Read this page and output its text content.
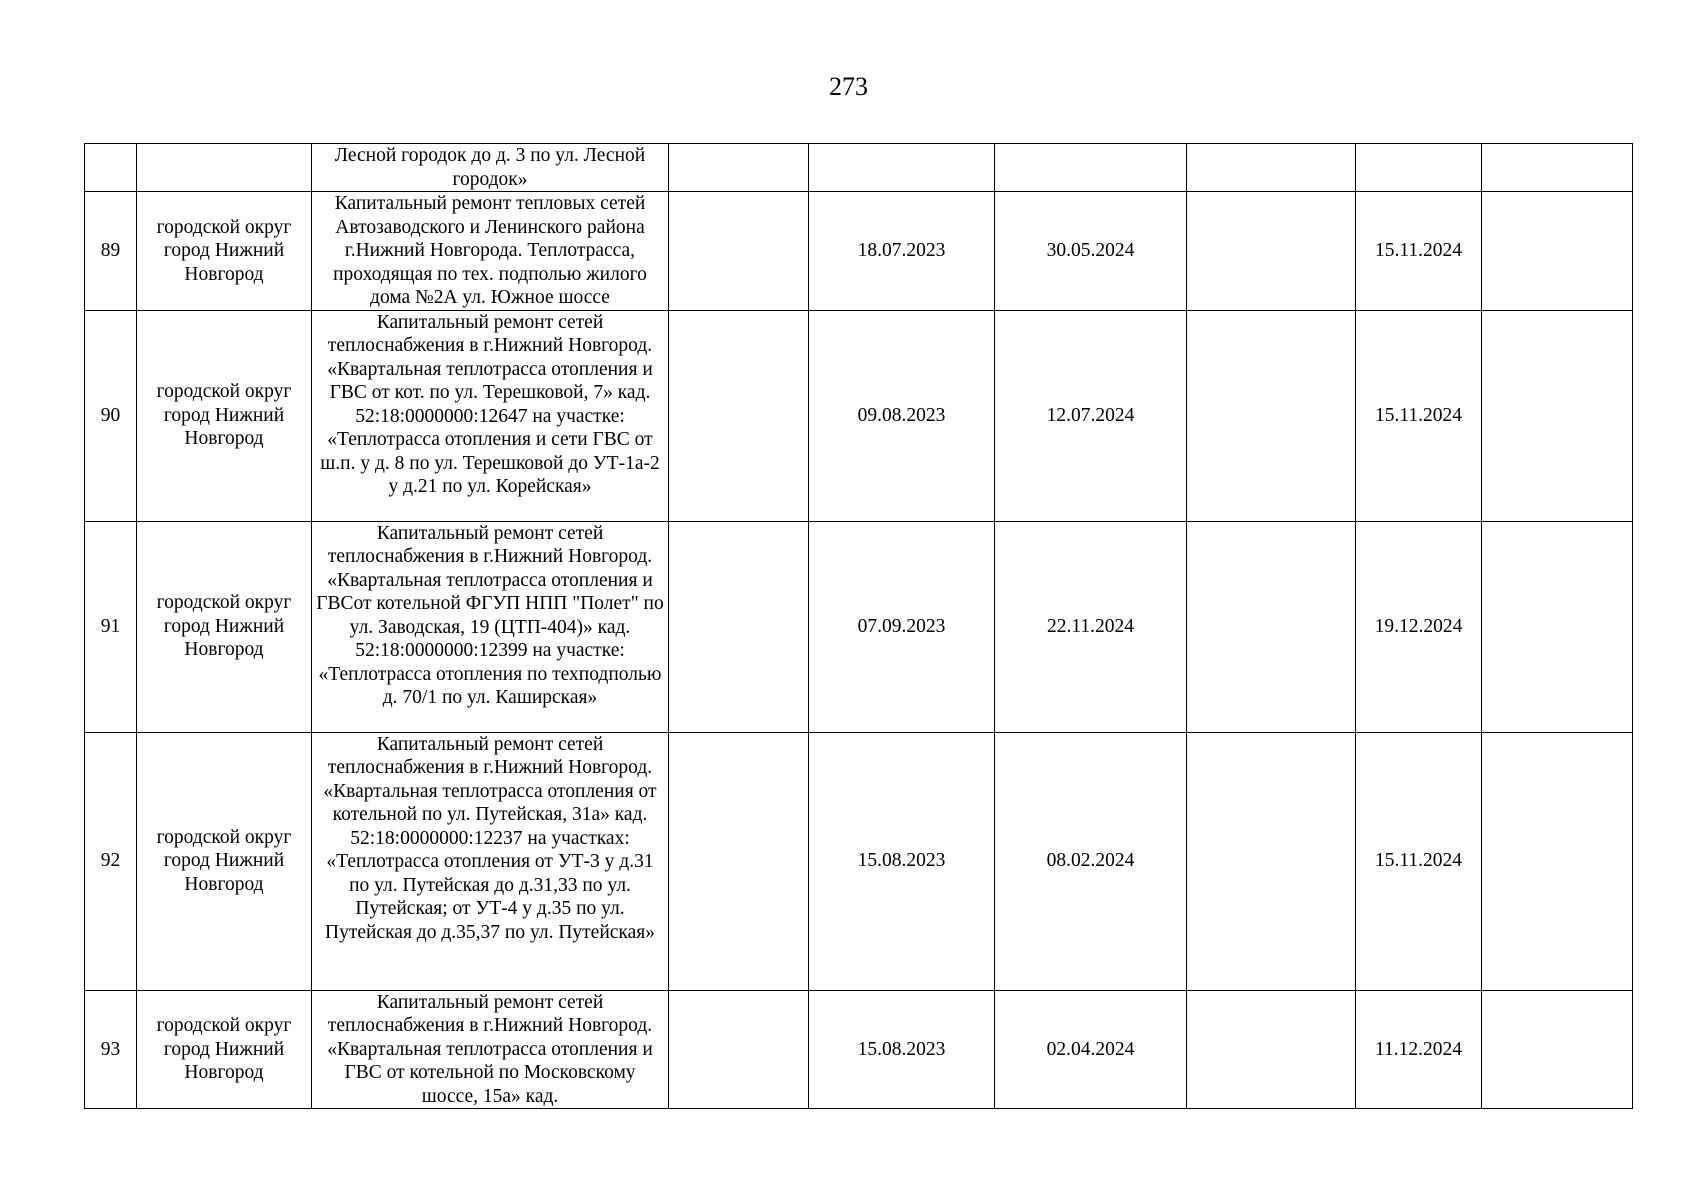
273
		Лесной городок до д. 3 по ул. Лесной городок»						
89	городской округ город Нижний Новгород	Капитальный ремонт тепловых сетей Автозаводского и Ленинского района г.Нижний Новгорода. Теплотрасса, проходящая по тех. подполью жилого дома №2А ул. Южное шоссе		18.07.2023	30.05.2024		15.11.2024	
90	городской округ город Нижний Новгород	Капитальный ремонт сетей теплоснабжения в г.Нижний Новгород. «Квартальная теплотрасса отопления и ГВС от кот. по ул. Терешковой, 7» кад. 52:18:0000000:12647 на участке: «Теплотрасса отопления и сети ГВС от ш.п. у д. 8 по ул. Терешковой до УТ-1а-2 у д.21 по ул. Корейская»		09.08.2023	12.07.2024		15.11.2024	
91	городской округ город Нижний Новгород	Капитальный ремонт сетей теплоснабжения в г.Нижний Новгород. «Квартальная теплотрасса отопления и ГВСот котельной ФГУП НПП "Полет" по ул. Заводская, 19 (ЦТП-404)» кад. 52:18:0000000:12399 на участке: «Теплотрасса отопления по техподполью д. 70/1 по ул. Каширская»		07.09.2023	22.11.2024		19.12.2024	
92	городской округ город Нижний Новгород	Капитальный ремонт сетей теплоснабжения в г.Нижний Новгород. «Квартальная теплотрасса отопления от котельной по ул. Путейская, 31а» кад. 52:18:0000000:12237 на участках: «Теплотрасса отопления от УТ-3 у д.31 по ул. Путейская до д.31,33 по ул. Путейская; от УТ-4 у д.35 по ул. Путейская до д.35,37 по ул. Путейская»		15.08.2023	08.02.2024		15.11.2024	
93	городской округ город Нижний Новгород	Капитальный ремонт сетей теплоснабжения в г.Нижний Новгород. «Квартальная теплотрасса отопления и ГВС от котельной по Московскому шоссе, 15а» кад.		15.08.2023	02.04.2024		11.12.2024	
